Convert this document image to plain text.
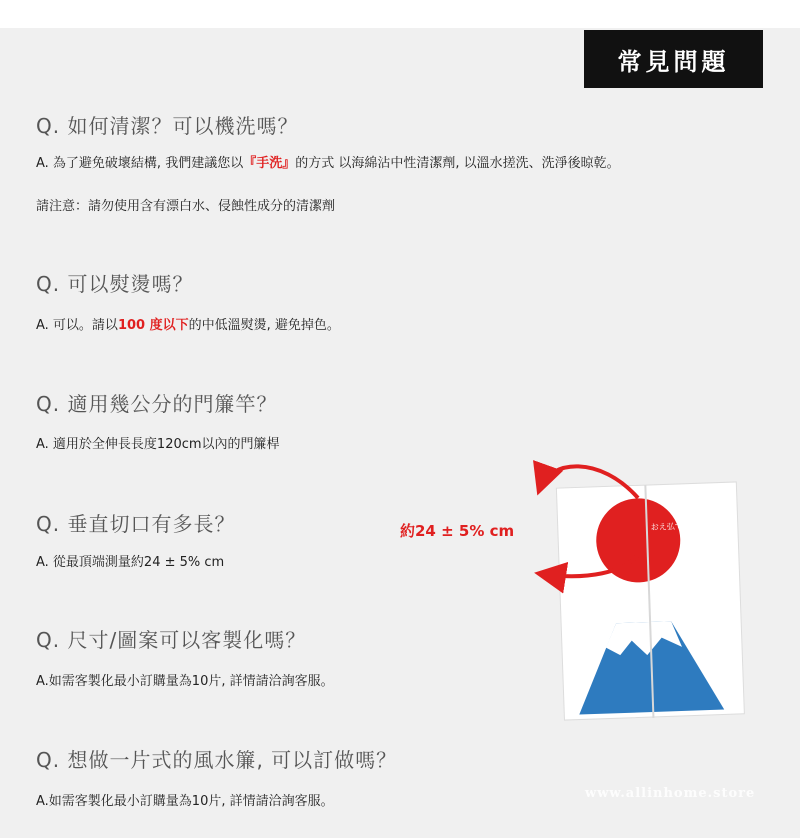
常見問題
Q. 如何清潔？可以機洗嗎？
A. 為了避免破壞結構, 我們建議您以『手洗』的方式 以海綿沾中性清潔劑, 以溫水搓洗、洗淨後晾乾。
請注意：請勿使用含有漂白水、侵蝕性成分的清潔劑
Q. 可以熨燙嗎？
A. 可以。請以100 度以下的中低溫熨燙, 避免掉色。
Q. 適用幾公分的門簾竿？
A. 適用於全伸長長度120cm以內的門簾桿
Q. 垂直切口有多長？
A. 從最頂端測量約24 ± 5% cm
Q. 尺寸/圖案可以客製化嗎？
A.如需客製化最小訂購量為10片, 詳情請洽詢客服。
Q. 想做一片式的風水簾, 可以訂做嗎？
A.如需客製化最小訂購量為10片, 詳情請洽詢客服。
おえ弘ですか
約24 ± 5% cm
www.allinhome.store
